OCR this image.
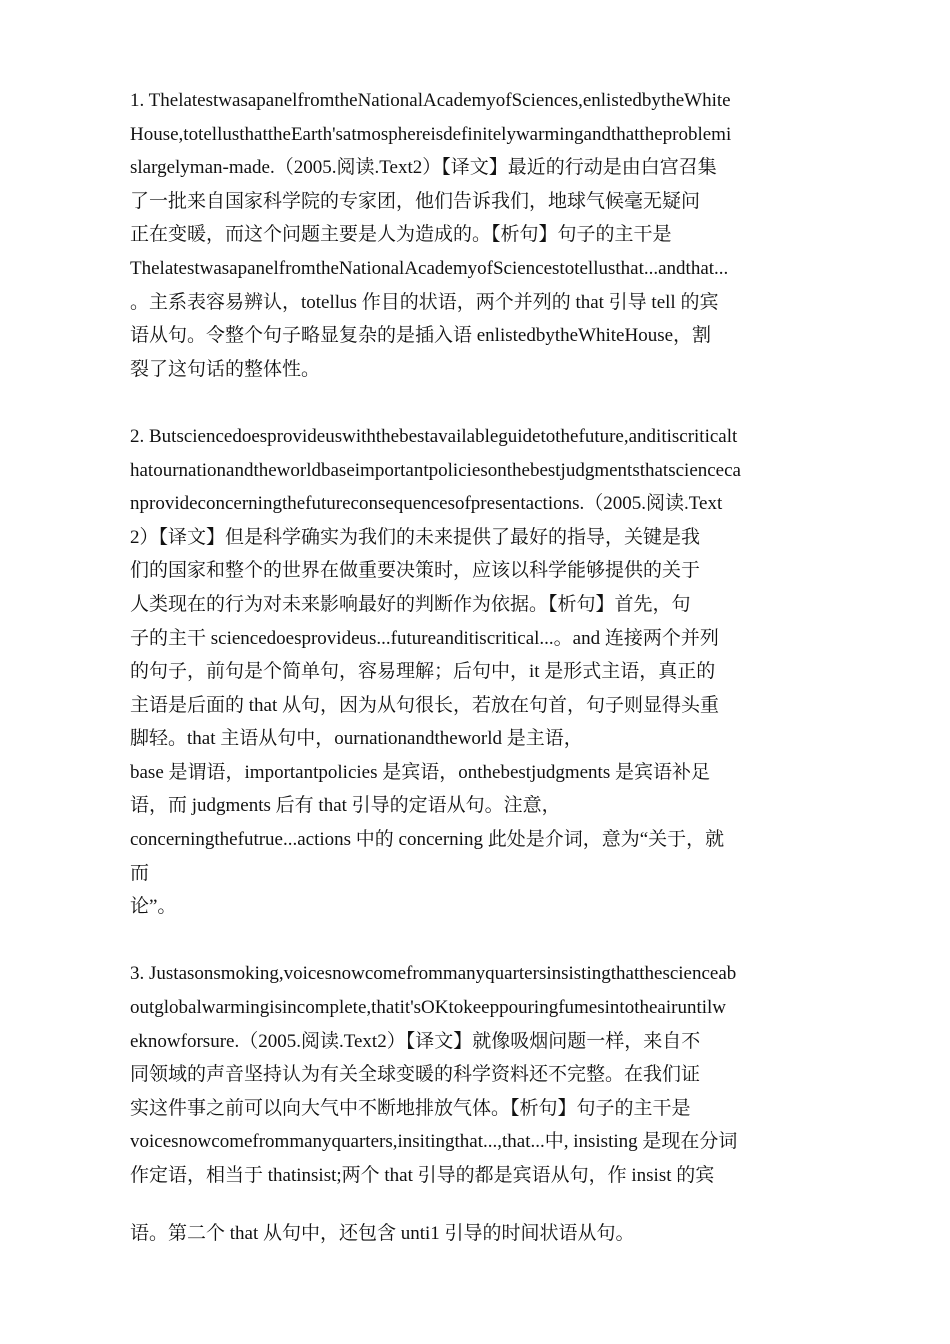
1. ThelatestwasapanelfromtheNationalAcademyofSciences,enlistedbytheWhite
House,totellusthattheEarth'satmosphereisdefinitelywarmingandthattheproblemi
slargelyman-made.（2005.阅读.Text2）【译文】最近的行动是由白宫召集
了一批来自国家科学院的专家团，他们告诉我们，地球气候毫无疑问
正在变暖，而这个问题主要是人为造成的。【析句】句子的主干是
ThelatestwasapanelfromtheNationalAcademyofSciencestotellusthat...andthat...
。主系表容易辨认，totellus 作目的状语，两个并列的 that 引导 tell 的宾
语从句。令整个句子略显复杂的是插入语 enlistedbytheWhiteHouse，割
裂了这句话的整体性。

2. Butsciencedoesprovideuswiththebestavailableguidetothefuture,anditiscriticalt
hatournationandtheworldbaseimportantpoliciesonthebestjudgmentsthatscienceca
nprovideconcerningthefutureconsequencesofpresentactions.（2005.阅读.Text
2）【译文】但是科学确实为我们的未来提供了最好的指导，关键是我
们的国家和整个的世界在做重要决策时，应该以科学能够提供的关于
人类现在的行为对未来影响最好的判断作为依据。【析句】首先，句
子的主干 sciencedoesprovideus...futureanditiscritical...。and 连接两个并列
的句子，前句是个简单句，容易理解；后句中，it 是形式主语，真正的
主语是后面的 that 从句，因为从句很长，若放在句首，句子则显得头重
脚轻。that 主语从句中，ournationandtheworld 是主语，
base 是谓语，importantpolicies 是宾语，onthebestjudgments 是宾语补足
语，而 judgments 后有 that 引导的定语从句。注意，
concerningthefutrue...actions 中的 concerning 此处是介词，意为“关于，就
而
论”。

3. Justasonsmoking,voicesnowcomefrommanyquartersinsistingthatthescienceab
outglobalwarmingisincomplete,thatit'sOKtokeeppouringfumesintotheairuntilw
eknowforsure.（2005.阅读.Text2）【译文】就像吸烟问题一样，来自不
同领域的声音坚持认为有关全球变暖的科学资料还不完整。在我们证
实这件事之前可以向大气中不断地排放气体。【析句】句子的主干是
voicesnowcomefrommanyquarters,insitingthat...,that...中, insisting 是现在分词
作定语，相当于 thatinsist;两个 that 引导的都是宾语从句，作 insist 的宾

语。第二个 that 从句中，还包含 unti1 引导的时间状语从句。
